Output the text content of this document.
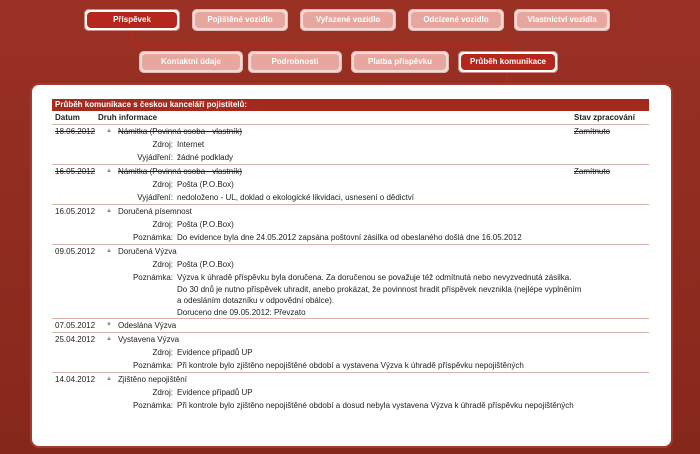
Příspěvek	Pojištěné vozidlo	Vyřazené vozidlo	Odcizené vozidlo	Vlastnictví vozidla
Kontaktní údaje	Podrobnosti	Platba příspěvku	Průběh komunikace
Průběh komunikace s českou kanceláří pojistitelů:
Datum Druh informace	Stav zpracování
18.06.2012 ▲ Námitka (Povinná osoba - vlastník)	Zamítnuto
Zdroj: Internet
Vyjádření: žádné podklady
16.05.2012 ▲ Námitka (Povinná osoba - vlastník)	Zamítnuto
Zdroj: Pošta (P.O.Box)
Vyjádření: nedoloženo - UL, doklad o ekologické likvidaci, usnesení o dědictví
16.05.2012 ▲ Doručená písemnost
Zdroj: Pošta (P.O.Box)
Poznámka: Do evidence byla dne 24.05.2012 zapsána poštovní zásilka od obeslaného došlá dne 16.05.2012
09.05.2012 ▲ Doručená Výzva
Zdroj: Pošta (P.O.Box)
Poznámka: Výzva k úhradě příspěvku byla doručena. Za doručenou se považuje též odmítnutá nebo nevyzvednutá zásilka.
Do 30 dnů je nutno příspěvek uhradit, anebo prokázat, že povinnost hradit příspěvek nevznikla (nejlépe vyplněním
a odesláním dotazníku v odpovědní obálce).
Doruceno dne 09.05.2012: Převzato
07.05.2012 ▼ Odeslána Výzva
25.04.2012 ▲ Vystavena Výzva
Zdroj: Evidence případů UP
Poznámka: Při kontrole bylo zjištěno nepojištěné období a vystavena Výzva k úhradě příspěvku nepojištěných
14.04.2012 ▲ Zjištěno nepojištění
Zdroj: Evidence případů UP
Poznámka: Při kontrole bylo zjištěno nepojištěné období a dosud nebyla vystavena Výzva k úhradě příspěvku nepojištěných
